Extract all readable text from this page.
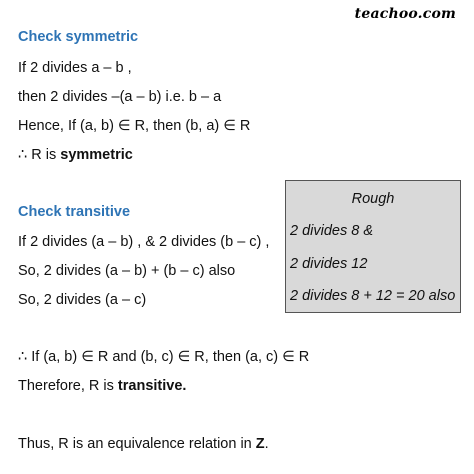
teachoo.com
Check symmetric
If 2 divides a – b ,
then 2 divides –(a – b) i.e. b – a
Hence, If (a, b) ∈ R, then (b, a) ∈ R
∴ R is symmetric
Check transitive
If 2 divides (a – b) , & 2 divides (b – c) ,
So, 2 divides (a – b) + (b – c) also
So, 2 divides (a – c)
∴ If (a, b) ∈ R and (b, c) ∈ R, then (a, c) ∈ R
Therefore, R is transitive.
Thus, R is an equivalence relation in Z.
Rough
2 divides 8 &
2 divides 12
2 divides 8 + 12 = 20 also
